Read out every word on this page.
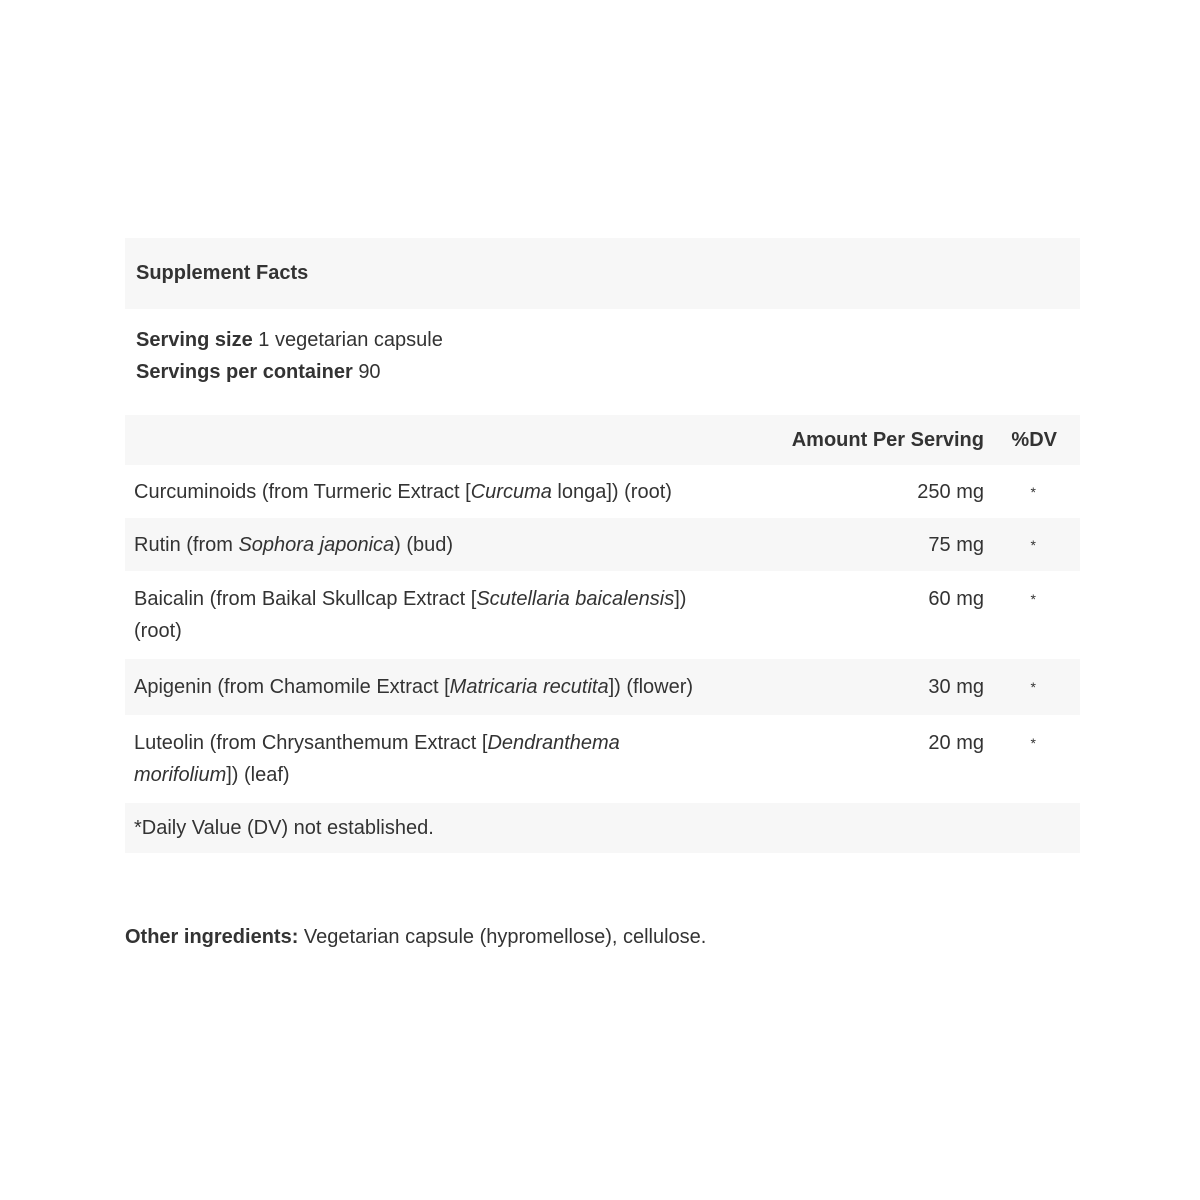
Supplement Facts
Serving size 1 vegetarian capsule
Servings per container 90
	Amount Per Serving	%DV
Curcuminoids (from Turmeric Extract [Curcuma longa]) (root)	250 mg	*
Rutin (from Sophora japonica) (bud)	75 mg	*
Baicalin (from Baikal Skullcap Extract [Scutellaria baicalensis]) (root)	60 mg	*
Apigenin (from Chamomile Extract [Matricaria recutita]) (flower)	30 mg	*
Luteolin (from Chrysanthemum Extract [Dendranthema morifolium]) (leaf)	20 mg	*
*Daily Value (DV) not established.
Other ingredients: Vegetarian capsule (hypromellose), cellulose.
